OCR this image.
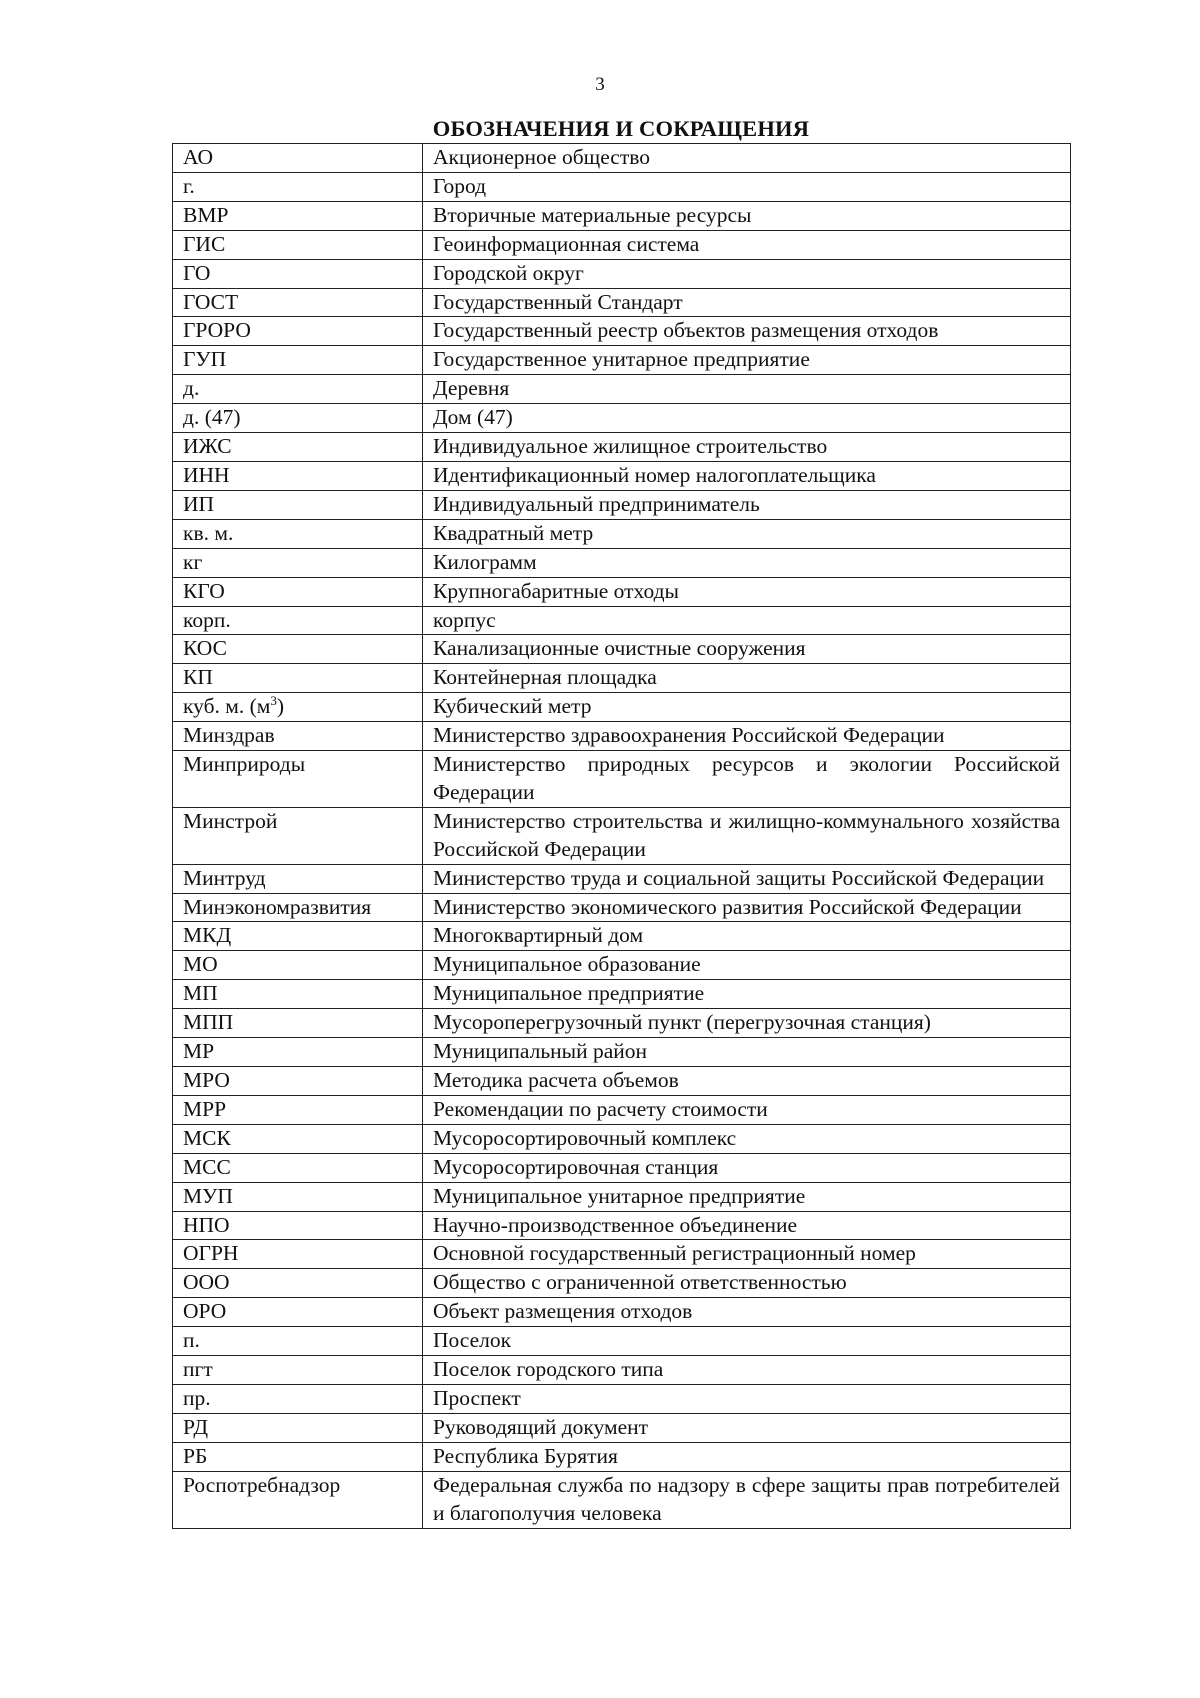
3
ОБОЗНАЧЕНИЯ И СОКРАЩЕНИЯ
АО	Акционерное общество
г.	Город
ВМР	Вторичные материальные ресурсы
ГИС	Геоинформационная система
ГО	Городской округ
ГОСТ	Государственный Стандарт
ГРОРО	Государственный реестр объектов размещения отходов
ГУП	Государственное унитарное предприятие
д.	Деревня
д. (47)	Дом (47)
ИЖС	Индивидуальное жилищное строительство
ИНН	Идентификационный номер налогоплательщика
ИП	Индивидуальный предприниматель
кв. м.	Квадратный метр
кг	Килограмм
КГО	Крупногабаритные отходы
корп.	корпус
КОС	Канализационные очистные сооружения
КП	Контейнерная площадка
куб. м. $(м^3)$	Кубический метр
Минздрав	Министерство здравоохранения Российской Федерации
Минприроды	Министерство природных ресурсов и экологии Российской Федерации
Минстрой	Министерство строительства и жилищно-коммунального хозяйства Российской Федерации
Минтруд	Министерство труда и социальной защиты Российской Федерации
Минэкономразвития	Министерство экономического развития Российской Федерации
МКД	Многоквартирный дом
МО	Муниципальное образование
МП	Муниципальное предприятие
МПП	Мусороперегрузочный пункт (перегрузочная станция)
МР	Муниципальный район
МРО	Методика расчета объемов
МРР	Рекомендации по расчету стоимости
МСК	Мусоросортировочный комплекс
МСС	Мусоросортировочная станция
МУП	Муниципальное унитарное предприятие
НПО	Научно-производственное объединение
ОГРН	Основной государственный регистрационный номер
ООО	Общество с ограниченной ответственностью
ОРО	Объект размещения отходов
п.	Поселок
пгт	Поселок городского типа
пр.	Проспект
РД	Руководящий документ
РБ	Республика Бурятия
Роспотребнадзор	Федеральная служба по надзору в сфере защиты прав потребителей и благополучия человека
